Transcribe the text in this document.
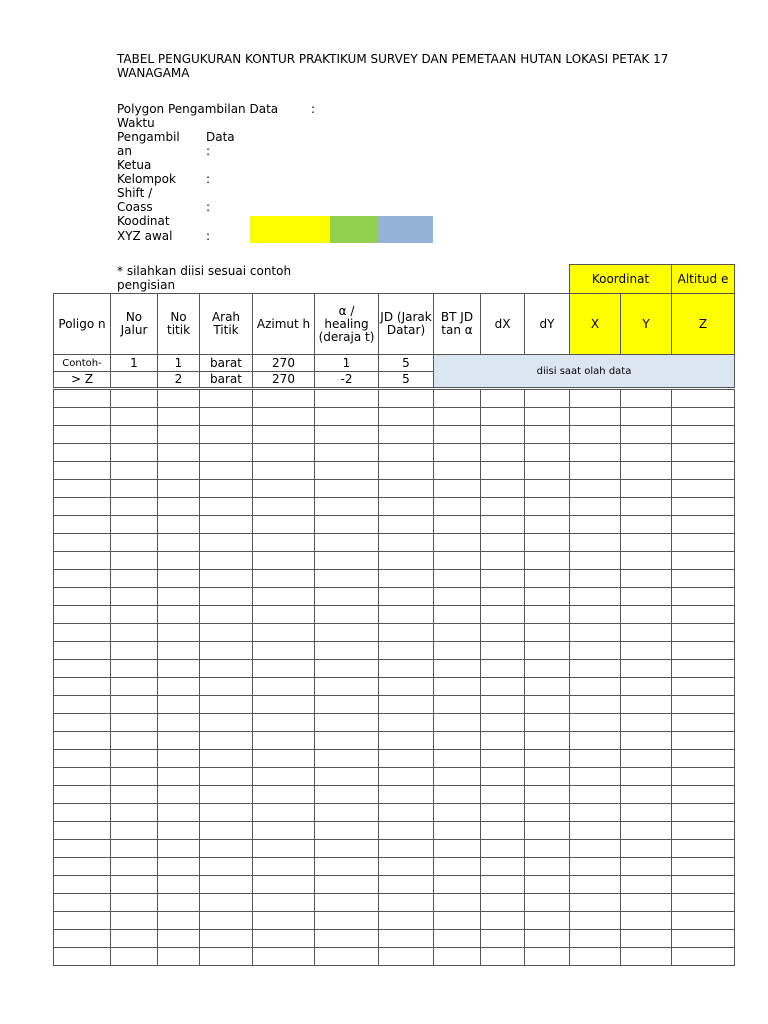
TABEL PENGUKURAN KONTUR PRAKTIKUM SURVEY DAN PEMETAAN HUTAN LOKASI PETAK 17 WANAGAMA
Polygon Pengambilan Data	:
Waktu
Pengambil
an
Data
:
Ketua
Kelompok	:
Shift /
Coass	:
Koodinat
XYZ awal	:
* silahkan diisi sesuai contoh pengisian
										Koordinat		Altitud e
Poligo n	No Jalur	No titik	Arah Titik	Azimut h	α / healing (deraja t)	JD (Jarak Datar)	BT JD tan α	dX	dY	X	Y	Z
Contoh-	1	1	barat	270	1	5	diisi saat olah data					
> Z		2	barat	270	-2	5						
